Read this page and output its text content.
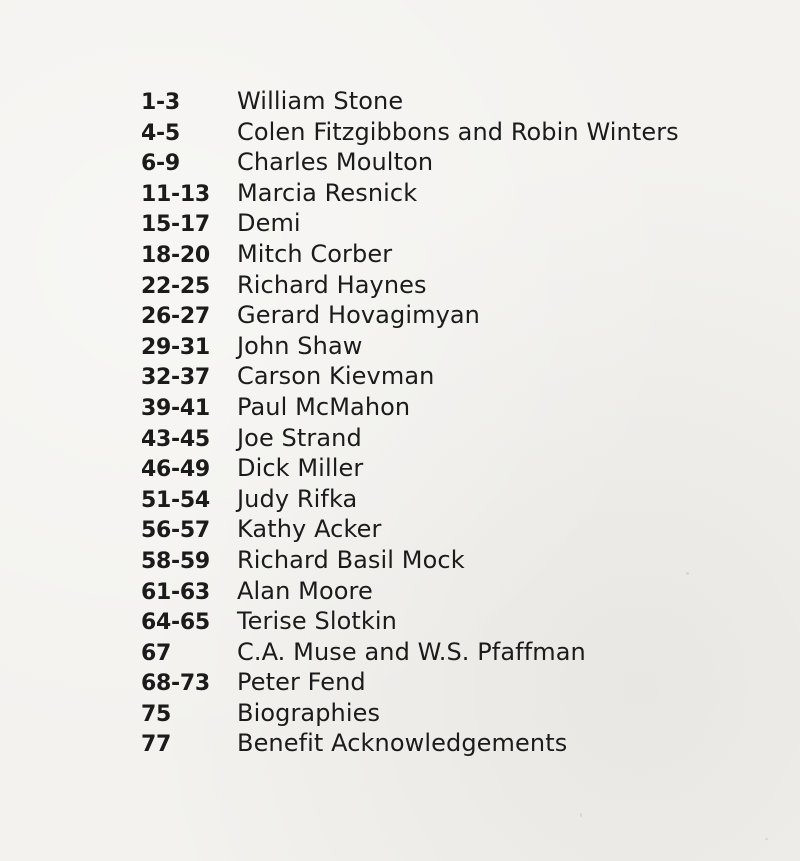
1-3	William Stone
4-5	Colen Fitzgibbons and Robin Winters
6-9	Charles Moulton
11-13	Marcia Resnick
15-17	Demi
18-20	Mitch Corber
22-25	Richard Haynes
26-27	Gerard Hovagimyan
29-31	John Shaw
32-37	Carson Kievman
39-41	Paul McMahon
43-45	Joe Strand
46-49	Dick Miller
51-54	Judy Rifka
56-57	Kathy Acker
58-59	Richard Basil Mock
61-63	Alan Moore
64-65	Terise Slotkin
67	C.A. Muse and W.S. Pfaffman
68-73	Peter Fend
75	Biographies
77	Benefit Acknowledgements
